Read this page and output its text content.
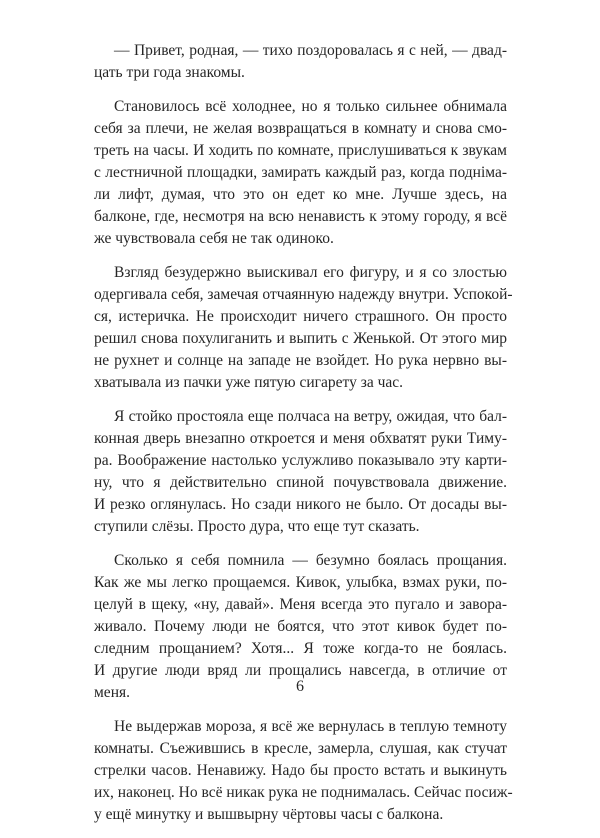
— Привет, родная, — тихо поздоровалась я с ней, — двад-
цать три года знакомы.
Становилось всё холоднее, но я только сильнее обнимала
себя за плечи, не желая возвращаться в комнату и снова смо-
треть на часы. И ходить по комнате, прислушиваться к звукам
с лестничной площадки, замирать каждый раз, когда подніма-
ли лифт, думая, что это он едет ко мне. Лучше здесь, на
балконе, где, несмотря на всю ненависть к этому городу, я всё
же чувствовала себя не так одиноко.
Взгляд безудержно выискивал его фигуру, и я со злостью
одергивала себя, замечая отчаянную надежду внутри. Успокой-
ся, истеричка. Не происходит ничего страшного. Он просто
решил снова похулиганить и выпить с Женькой. От этого мир
не рухнет и солнце на западе не взойдет. Но рука нервно вы-
хватывала из пачки уже пятую сигарету за час.
Я стойко простояла еще полчаса на ветру, ожидая, что бал-
конная дверь внезапно откроется и меня обхватят руки Тиму-
ра. Воображение настолько услужливо показывало эту карти-
ну, что я действительно спиной почувствовала движение.
И резко оглянулась. Но сзади никого не было. От досады вы-
ступили слёзы. Просто дура, что еще тут сказать.
Сколько я себя помнила — безумно боялась прощания.
Как же мы легко прощаемся. Кивок, улыбка, взмах руки, по-
целуй в щеку, «ну, давай». Меня всегда это пугало и завора-
живало. Почему люди не боятся, что этот кивок будет по-
следним прощанием? Хотя... Я тоже когда-то не боялась.
И другие люди вряд ли прощались навсегда, в отличие от
меня.
Не выдержав мороза, я всё же вернулась в теплую темноту
комнаты. Съежившись в кресле, замерла, слушая, как стучат
стрелки часов. Ненавижу. Надо бы просто встать и выкинуть
их, наконец. Но всё никак рука не поднималась. Сейчас посиж-
у ещё минутку и вышвырну чёртовы часы с балкона.
6
